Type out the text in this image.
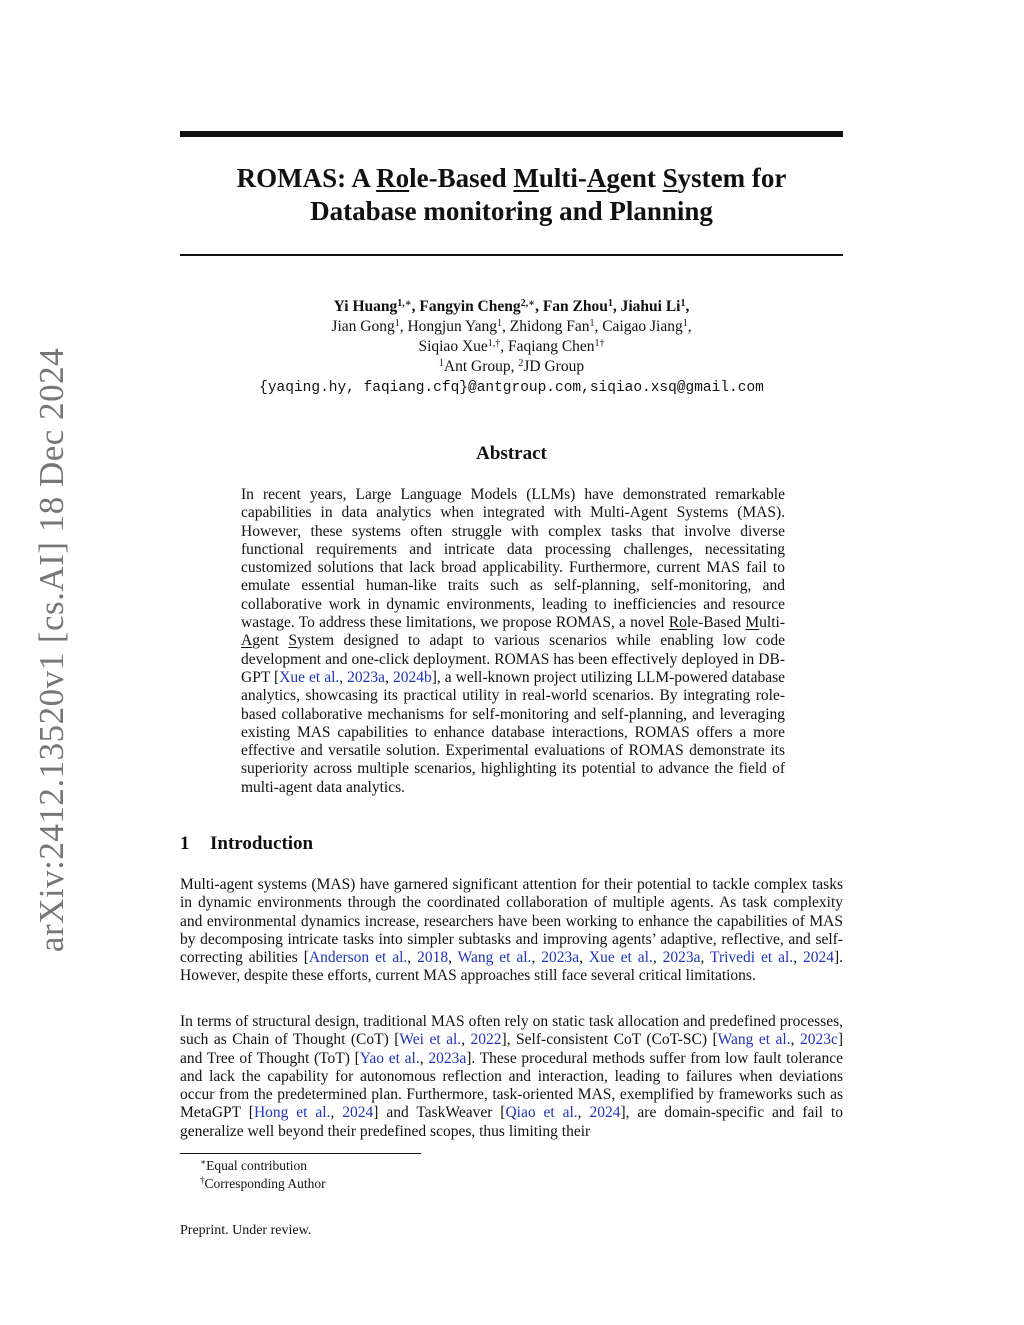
arXiv:2412.13520v1 [cs.AI] 18 Dec 2024
ROMAS: A Role-Based Multi-Agent System for
Database monitoring and Planning
Yi Huang$^{1,∗}$, Fangyin Cheng$^{2,∗}$, Fan Zhou$^1$, Jiahui Li$^1$,
Jian Gong$^1$, Hongjun Yang$^1$, Zhidong Fan$^1$, Caigao Jiang$^1$,
Siqiao Xue$^{1,\dagger}$, Faqiang Chen$^{1\dagger}$
$^1$Ant Group, $^2$JD Group
{yaqing.hy, faqiang.cfq}@antgroup.com,siqiao.xsq@gmail.com
Abstract
In recent years, Large Language Models (LLMs) have demonstrated remarkable capabilities in data analytics when integrated with Multi-Agent Systems (MAS). However, these systems often struggle with complex tasks that involve diverse functional requirements and intricate data processing challenges, necessitating customized solutions that lack broad applicability. Furthermore, current MAS fail to emulate essential human-like traits such as self-planning, self-monitoring, and collaborative work in dynamic environments, leading to inefficiencies and resource wastage. To address these limitations, we propose ROMAS, a novel Role-Based Multi-Agent System designed to adapt to various scenarios while enabling low code development and one-click deployment. ROMAS has been effectively deployed in DB-GPT [Xue et al., 2023a, 2024b], a well-known project utilizing LLM-powered database analytics, showcasing its practical utility in real-world scenarios. By integrating role-based collaborative mechanisms for self-monitoring and self-planning, and leveraging existing MAS capabilities to enhance database interactions, ROMAS offers a more effective and versatile solution. Experimental evaluations of ROMAS demonstrate its superiority across multiple scenarios, highlighting its potential to advance the field of multi-agent data analytics.
1 Introduction

Multi-agent systems (MAS) have garnered significant attention for their potential to tackle complex tasks in dynamic environments through the coordinated collaboration of multiple agents. As task complexity and environmental dynamics increase, researchers have been working to enhance the capabilities of MAS by decomposing intricate tasks into simpler subtasks and improving agents’ adaptive, reflective, and self-correcting abilities [Anderson et al., 2018, Wang et al., 2023a, Xue et al., 2023a, Trivedi et al., 2024]. However, despite these efforts, current MAS approaches still face several critical limitations.

In terms of structural design, traditional MAS often rely on static task allocation and predefined processes, such as Chain of Thought (CoT) [Wei et al., 2022], Self-consistent CoT (CoT-SC) [Wang et al., 2023c] and Tree of Thought (ToT) [Yao et al., 2023a]. These procedural methods suffer from low fault tolerance and lack the capability for autonomous reflection and interaction, leading to failures when deviations occur from the predetermined plan. Furthermore, task-oriented MAS, exemplified by frameworks such as MetaGPT [Hong et al., 2024] and TaskWeaver [Qiao et al., 2024], are domain-specific and fail to generalize well beyond their predefined scopes, thus limiting their

∗Equal contribution
†Corresponding Author
Preprint. Under review.
